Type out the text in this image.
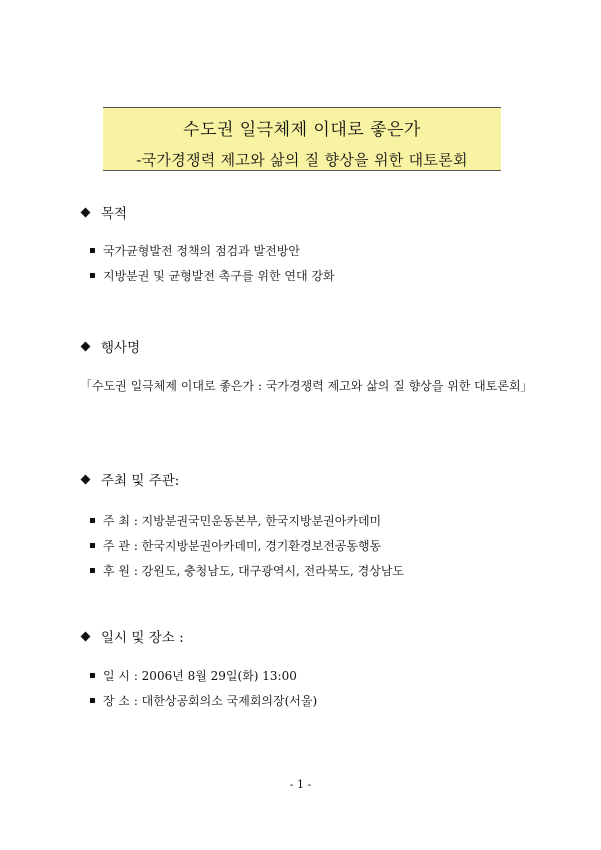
수도권 일극체제 이대로 좋은가
-국가경쟁력 제고와 삶의 질 향상을 위한 대토론회
목적
국가균형발전 정책의 점검과 발전방안
지방분권 및 균형발전 촉구를 위한 연대 강화
행사명
「수도권 일극체제 이대로 좋은가 : 국가경쟁력 제고와 삶의 질 향상을 위한 대토론회」
주최 및 주관:
주 최 : 지방분권국민운동본부, 한국지방분권아카데미
주 관 : 한국지방분권아카데미, 경기환경보전공동행동
후 원 : 강원도, 충청남도, 대구광역시, 전라북도, 경상남도
일시 및 장소 :
일 시 : 2006년 8월 29일(화) 13:00
장 소 : 대한상공회의소 국제회의장(서울)
- 1 -
